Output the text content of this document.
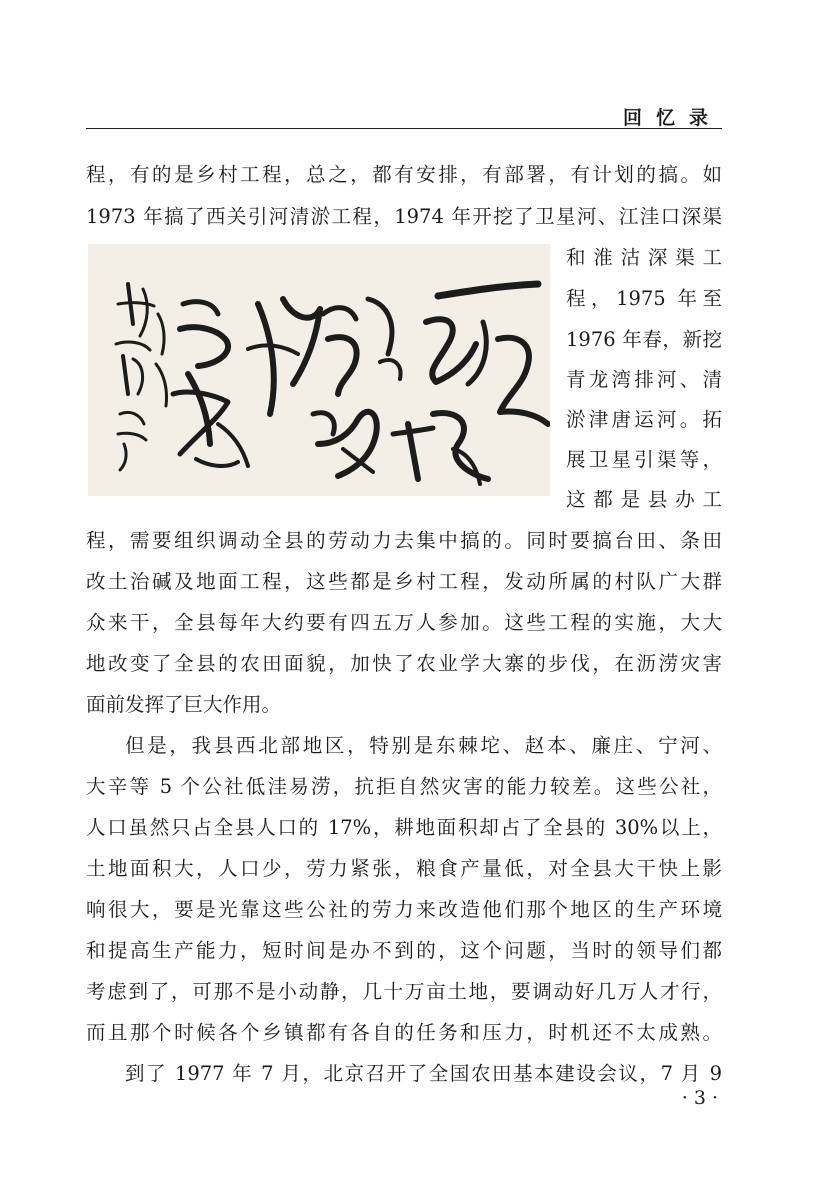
回忆录
程，有的是乡村工程，总之，都有安排，有部署，有计划的搞。如
1973 年搞了西关引河清淤工程，1974 年开挖了卫星河、江洼口深渠
和淮沽深渠工
程，1975 年至
1976 年春，新挖
青龙湾排河、清
淤津唐运河。拓
展卫星引渠等，
这都是县办工
程，需要组织调动全县的劳动力去集中搞的。同时要搞台田、条田
改土治碱及地面工程，这些都是乡村工程，发动所属的村队广大群
众来干，全县每年大约要有四五万人参加。这些工程的实施，大大
地改变了全县的农田面貌，加快了农业学大寨的步伐，在沥涝灾害
面前发挥了巨大作用。
但是，我县西北部地区，特别是东棘坨、赵本、廉庄、宁河、
大辛等 5 个公社低洼易涝，抗拒自然灾害的能力较差。这些公社，
人口虽然只占全县人口的 17%，耕地面积却占了全县的 30%以上，
土地面积大，人口少，劳力紧张，粮食产量低，对全县大干快上影
响很大，要是光靠这些公社的劳力来改造他们那个地区的生产环境
和提高生产能力，短时间是办不到的，这个问题，当时的领导们都
考虑到了，可那不是小动静，几十万亩土地，要调动好几万人才行，
而且那个时候各个乡镇都有各自的任务和压力，时机还不太成熟。
到了 1977 年 7 月，北京召开了全国农田基本建设会议，7 月 9
· 3 ·
